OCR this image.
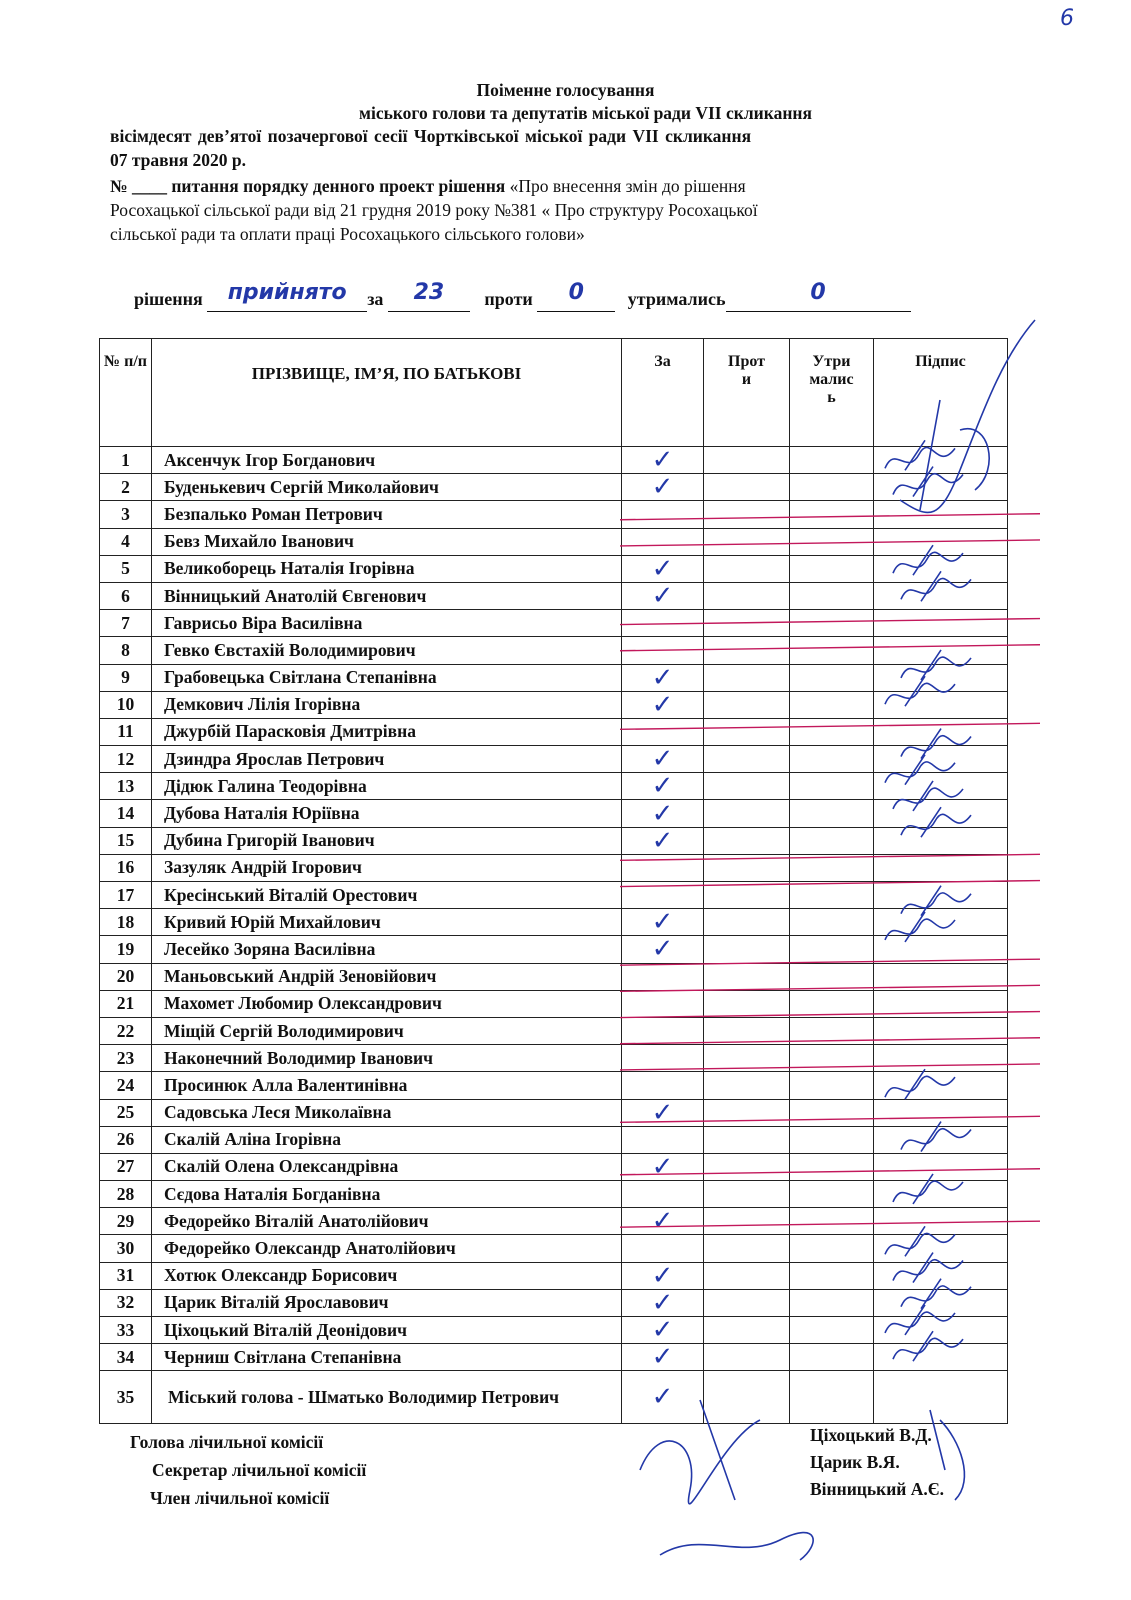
6
Поіменне голосування
міського голови та депутатів міської ради VII скликання
вісімдесят дев’ятої позачергової сесії Чортківської міської ради VII скликання
07 травня 2020 р.
№ ____ питання порядку денного проект рішення «Про внесення змін до рішення
Росохацької сільської ради від 21 грудня 2019 року №381 « Про структуру Росохацької
сільської ради та оплати праці Росохацького сільського голови»
рішення прийнято за 23 проти 0 утримались	0
№ п/п	ПРІЗВИЩЕ, ІМ’Я, ПО БАТЬКОВІ	За	Прот и	Утри малис ь	Підпис
1	Аксенчук Ігор Богданович	✓			

2	Буденькевич Сергій Миколайович	✓			

3	Безпалько Роман Петрович				
4	Бевз Михайло Іванович				
5	Великоборець Наталія Ігорівна	✓			

6	Вінницький Анатолій Євгенович	✓			

7	Гаврисьо Віра Василівна				
8	Гевко Євстахій Володимирович				
9	Грабовецька Світлана Степанівна	✓			

10	Демкович Лілія Ігорівна	✓			

11	Джурбій Парасковія Дмитрівна				
12	Дзиндра Ярослав Петрович	✓			

13	Дідюк Галина Теодорівна	✓			

14	Дубова Наталія Юріївна	✓			

15	Дубина Григорій Іванович	✓			

16	Зазуляк Андрій Ігорович				
17	Кресінський Віталій Орестович				
18	Кривий Юрій Михайлович	✓			

19	Лесейко Зоряна Василівна	✓			

20	Маньовський Андрій Зеновійович				
21	Махомет Любомир Олександрович				
22	Міщій Сергій Володимирович				
23	Наконечний Володимир Іванович				
24	Просинюк Алла Валентинівна				
25	Садовська Леся Миколаївна	✓			

26	Скалій Аліна Ігорівна				
27	Скалій Олена Олександрівна	✓			

28	Сєдова Наталія Богданівна				
29	Федорейко Віталій Анатолійович	✓			

30	Федорейко Олександр Анатолійович				
31	Хотюк Олександр Борисович	✓			

32	Царик Віталій Ярославович	✓			

33	Ціхоцький Віталій Деонідович	✓			

34	Черниш Світлана Степанівна	✓			

35	Міський голова - Шматько Володимир Петрович	✓			

Голова лічильної комісії
Секретар лічильної комісії
Член лічильної комісії
Ціхоцький В.Д.
Царик В.Я.
Вінницький А.Є.
